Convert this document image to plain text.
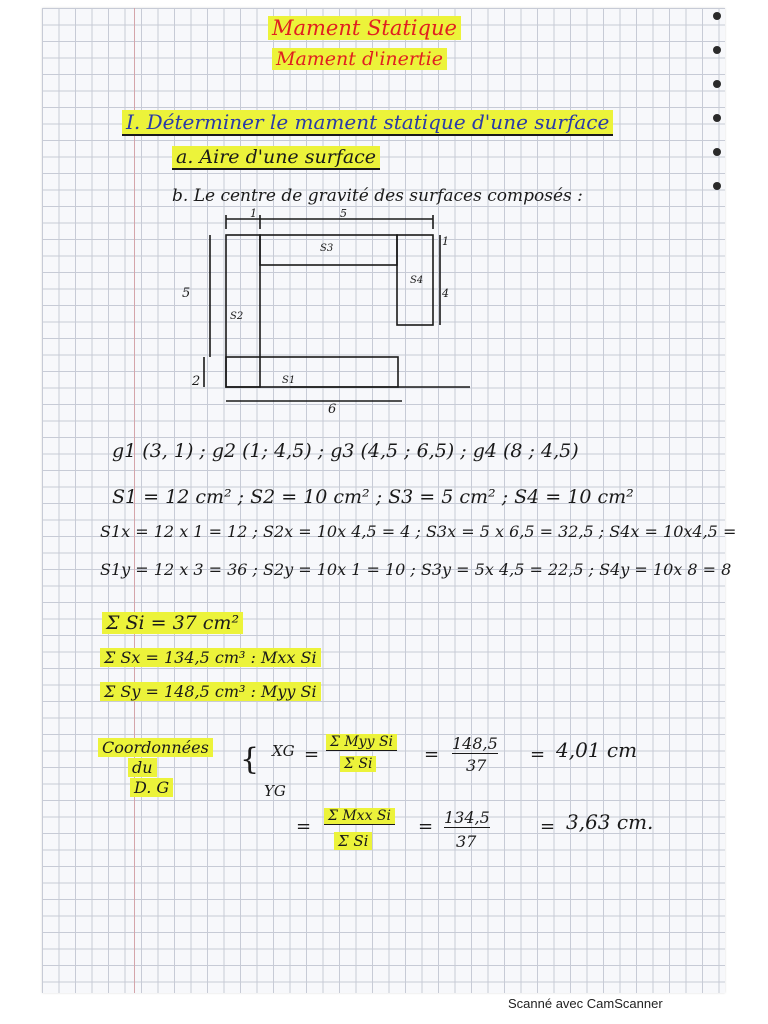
Mament Statique
Mament d'inertie
I. Déterminer le mament statique d'une surface
a. Aire d'une surface
b. Le centre de gravité des surfaces composés :
1	5
5
2
6
1
4
S2
S3
S4
S1
g1 (3, 1) ; g2 (1; 4,5) ; g3 (4,5 ; 6,5) ; g4 (8 ; 4,5)
S1 = 12 cm² ; S2 = 10 cm² ; S3 = 5 cm² ; S4 = 10 cm²
S1x = 12 x 1 = 12 ; S2x = 10x 4,5 = 4 ; S3x = 5 x 6,5 = 32,5 ; S4x = 10x4,5 =
S1y = 12 x 3 = 36 ; S2y = 10x 1 = 10 ; S3y = 5x 4,5 = 22,5 ; S4y = 10x 8 = 8
Σ Si = 37 cm²
Σ Sx = 134,5 cm³ : Mxx Si
Σ Sy = 148,5 cm³ : Myy Si
Coordonnées
du
D. G
{ XG
YG
=
Σ Myy Si
Σ Si	=
148,5
37
= 4,01 cm
= Σ Mxx Si
Σ Si
= 134,5
37
= 3,63 cm.
Scanné avec CamScanner
